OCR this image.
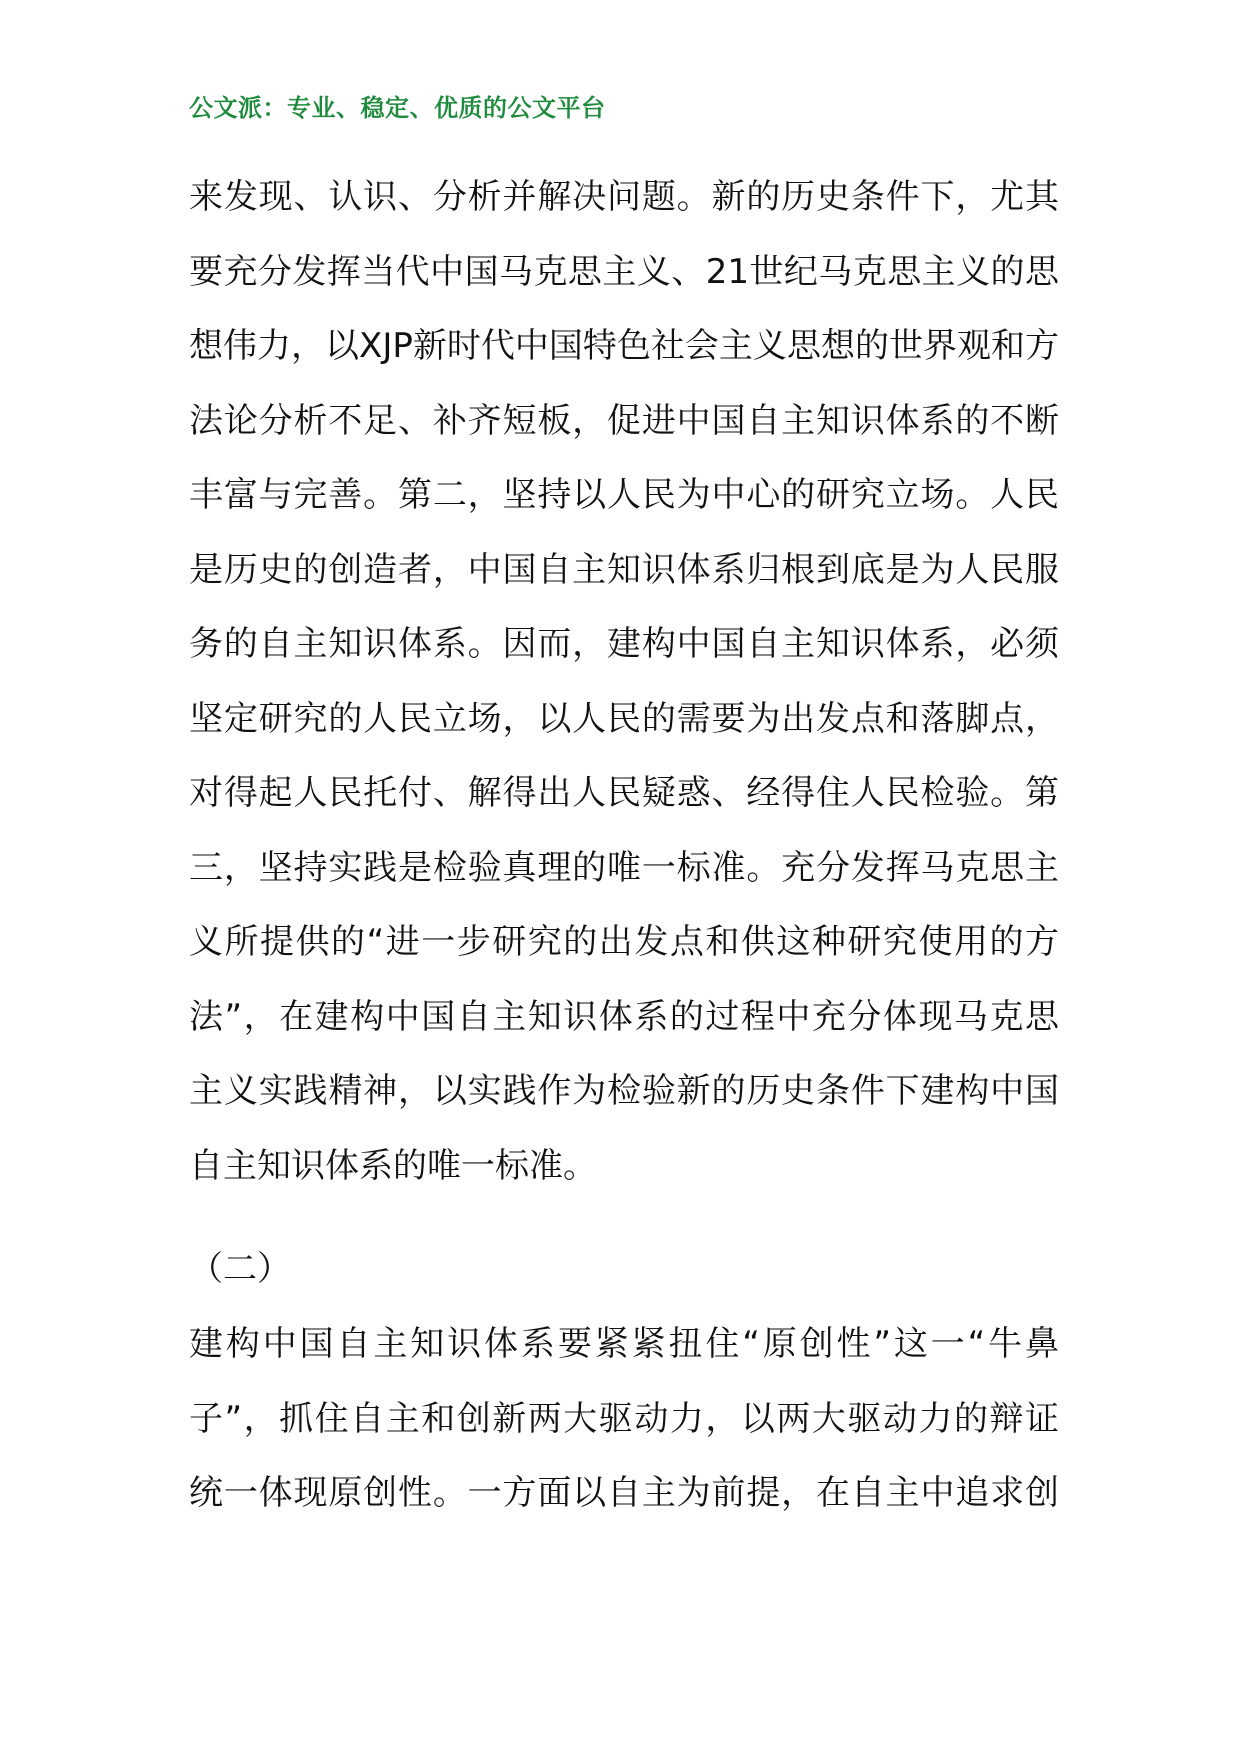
公文派：专业、稳定、优质的公文平台
来发现、认识、分析并解决问题。新的历史条件下，尤其
要充分发挥当代中国马克思主义、21世纪马克思主义的思
想伟力，以XJP新时代中国特色社会主义思想的世界观和方
法论分析不足、补齐短板，促进中国自主知识体系的不断
丰富与完善。第二，坚持以人民为中心的研究立场。人民
是历史的创造者，中国自主知识体系归根到底是为人民服
务的自主知识体系。因而，建构中国自主知识体系，必须
坚定研究的人民立场，以人民的需要为出发点和落脚点，
对得起人民托付、解得出人民疑惑、经得住人民检验。第
三，坚持实践是检验真理的唯一标准。充分发挥马克思主
义所提供的“进一步研究的出发点和供这种研究使用的方
法”，在建构中国自主知识体系的过程中充分体现马克思
主义实践精神，以实践作为检验新的历史条件下建构中国
自主知识体系的唯一标准。
（二）
建构中国自主知识体系要紧紧扭住“原创性”这一“牛鼻
子”，抓住自主和创新两大驱动力，以两大驱动力的辩证
统一体现原创性。一方面以自主为前提，在自主中追求创
